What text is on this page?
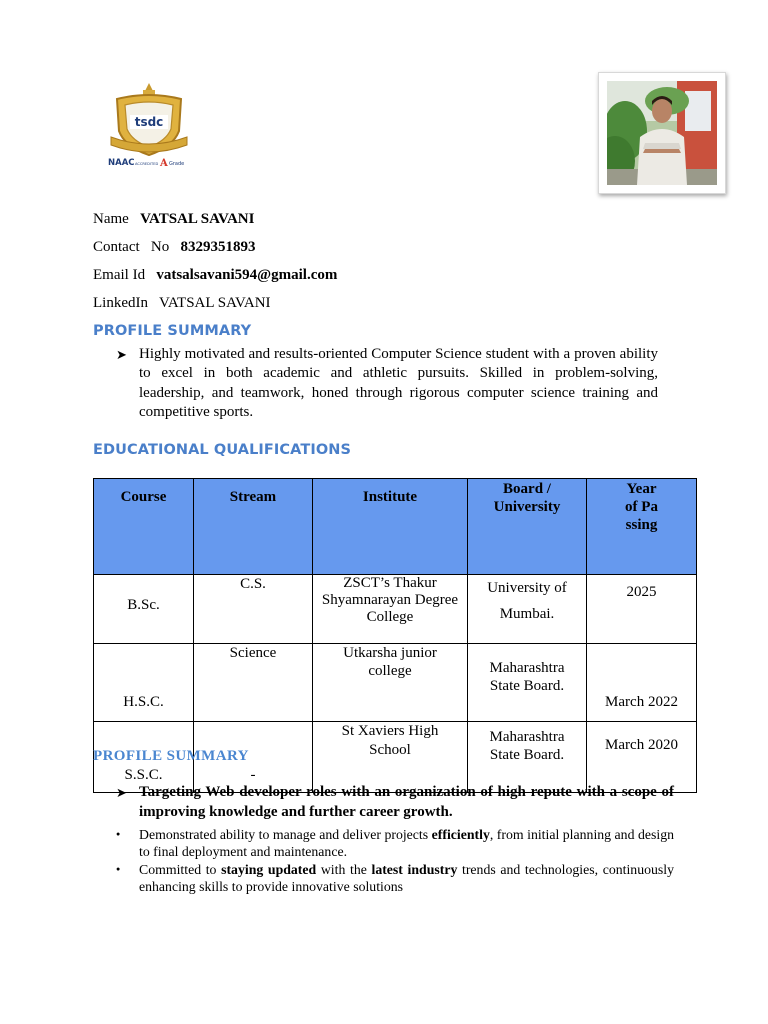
tsdc
NAAC ACCREDITED A Grade
Name VATSAL SAVANI
Contact No 8329351893
Email Id vatsalsavani594@gmail.com
LinkedIn VATSAL SAVANI
PROFILE SUMMARY
➤ Highly motivated and results-oriented Computer Science student with a proven ability to excel in both academic and athletic pursuits. Skilled in problem-solving, leadership, and teamwork, honed through rigorous computer science training and competitive sports.

EDUCATIONAL QUALIFICATIONS
Course	Stream	Institute	Board / University	Year of Passing
B.Sc.	C.S.	ZSCT’s Thakur Shyamnarayan Degree College	University of Mumbai.	2025
H.S.C.	Science	Utkarsha junior college	Maharashtra State Board.	March 2022
S.S.C.	-	St Xaviers High School	Maharashtra State Board.	March 2020
PROFILE SUMMARY
➤ Targeting Web developer roles with an organization of high repute with a scope of improving knowledge and further career growth.
●
Demonstrated ability to manage and deliver projects efficiently, from initial planning and design to final deployment and maintenance.
●
Committed to staying updated with the latest industry trends and technologies, continuously enhancing skills to provide innovative solutions
